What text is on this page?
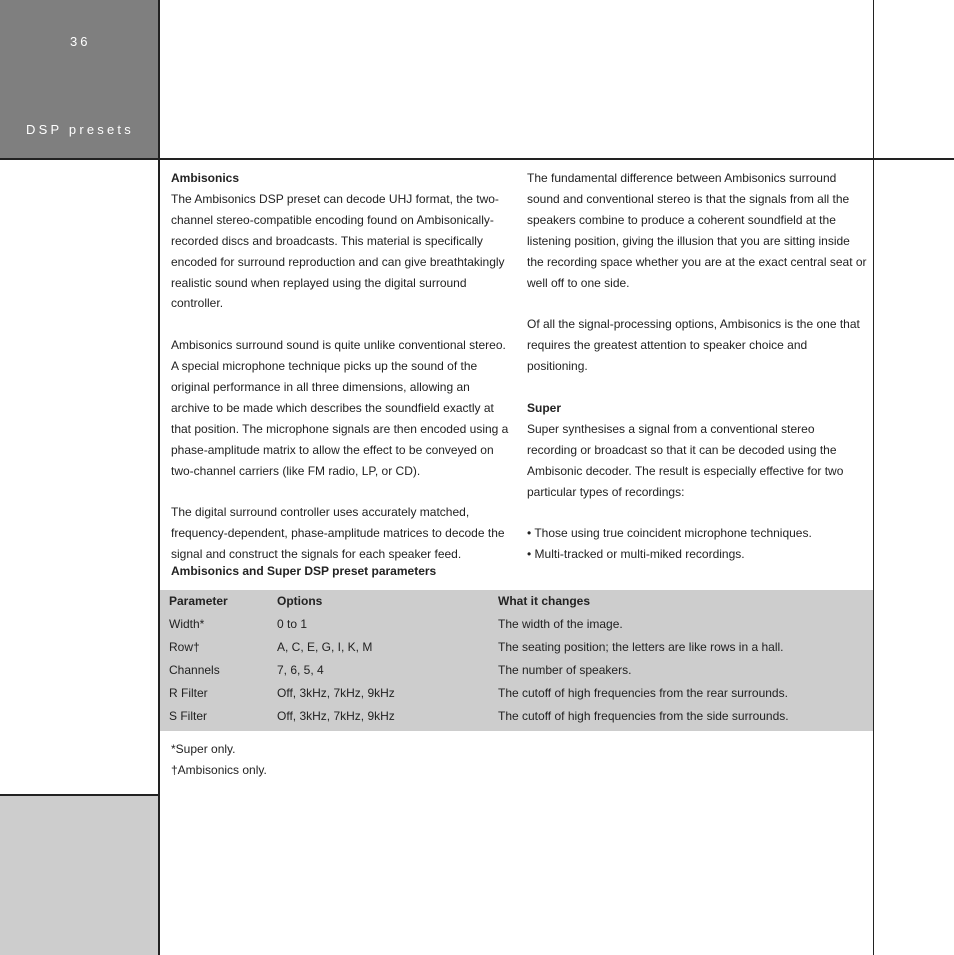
36
DSP presets

Ambisonics
The Ambisonics DSP preset can decode UHJ format, the two-channel stereo-compatible encoding found on Ambisonically-recorded discs and broadcasts. This material is specifically encoded for surround reproduction and can give breathtakingly realistic sound when replayed using the digital surround controller.

Ambisonics surround sound is quite unlike conventional stereo. A special microphone technique picks up the sound of the original performance in all three dimensions, allowing an archive to be made which describes the soundfield exactly at that position. The microphone signals are then encoded using a phase-amplitude matrix to allow the effect to be conveyed on two-channel carriers (like FM radio, LP, or CD).

The digital surround controller uses accurately matched, frequency-dependent, phase-amplitude matrices to decode the signal and construct the signals for each speaker feed.

The fundamental difference between Ambisonics surround sound and conventional stereo is that the signals from all the speakers combine to produce a coherent soundfield at the listening position, giving the illusion that you are sitting inside the recording space whether you are at the exact central seat or well off to one side.

Of all the signal-processing options, Ambisonics is the one that requires the greatest attention to speaker choice and positioning.

Super
Super synthesises a signal from a conventional stereo recording or broadcast so that it can be decoded using the Ambisonic decoder. The result is especially effective for two particular types of recordings:

• Those using true coincident microphone techniques.
• Multi-tracked or multi-miked recordings.
Ambisonics and Super DSP preset parameters
Parameter	Options	What it changes
Width*	0 to 1	The width of the image.
Row†	A, C, E, G, I, K, M	The seating position; the letters are like rows in a hall.
Channels	7, 6, 5, 4	The number of speakers.
R Filter	Off, 3kHz, 7kHz, 9kHz	The cutoff of high frequencies from the rear surrounds.
S Filter	Off, 3kHz, 7kHz, 9kHz	The cutoff of high frequencies from the side surrounds.
*Super only.
†Ambisonics only.
